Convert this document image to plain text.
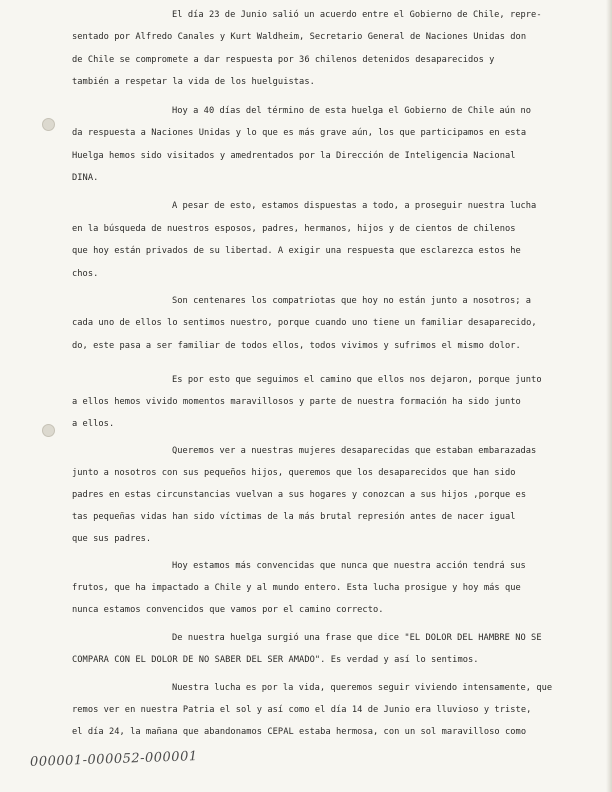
El día 23 de Junio salió un acuerdo entre el Gobierno de Chile, repre-
sentado por Alfredo Canales y Kurt Waldheim, Secretario General de Naciones Unidas don
de Chile se compromete a dar respuesta por 36 chilenos detenidos desaparecidos y
también a respetar la vida de los huelguistas.
Hoy a 40 días del término de esta huelga el Gobierno de Chile aún no
da respuesta a Naciones Unidas y lo que es más grave aún, los que participamos en esta
Huelga hemos sido visitados y amedrentados por la Dirección de Inteligencia Nacional
DINA.
A pesar de esto, estamos dispuestas a todo, a proseguir nuestra lucha
en la búsqueda de nuestros esposos, padres, hermanos, hijos y de cientos de chilenos
que hoy están privados de su libertad. A exigir una respuesta que esclarezca estos he
chos.
Son centenares los compatriotas que hoy no están junto a nosotros; a
cada uno de ellos lo sentimos nuestro, porque cuando uno tiene un familiar desaparecido,
do, este pasa a ser familiar de todos ellos, todos vivimos y sufrimos el mismo dolor.
Es por esto que seguimos el camino que ellos nos dejaron, porque junto
a ellos hemos vivido momentos maravillosos y parte de nuestra formación ha sido junto
a ellos.
Queremos ver a nuestras mujeres desaparecidas que estaban embarazadas
junto a nosotros con sus pequeños hijos, queremos que los desaparecidos que han sido
padres en estas circunstancias vuelvan a sus hogares y conozcan a sus hijos ,porque es
tas pequeñas vidas han sido víctimas de la más brutal represión antes de nacer igual
que sus padres.
Hoy estamos más convencidas que nunca que nuestra acción tendrá sus
frutos, que ha impactado a Chile y al mundo entero. Esta lucha prosigue y hoy más que
nunca estamos convencidos que vamos por el camino correcto.
De nuestra huelga surgió una frase que dice "EL DOLOR DEL HAMBRE NO SE
COMPARA CON EL DOLOR DE NO SABER DEL SER AMADO". Es verdad y así lo sentimos.
Nuestra lucha es por la vida, queremos seguir viviendo intensamente, que
remos ver en nuestra Patria el sol y así como el día 14 de Junio era lluvioso y triste,
el día 24, la mañana que abandonamos CEPAL estaba hermosa, con un sol maravilloso como
000001-000052-000001
